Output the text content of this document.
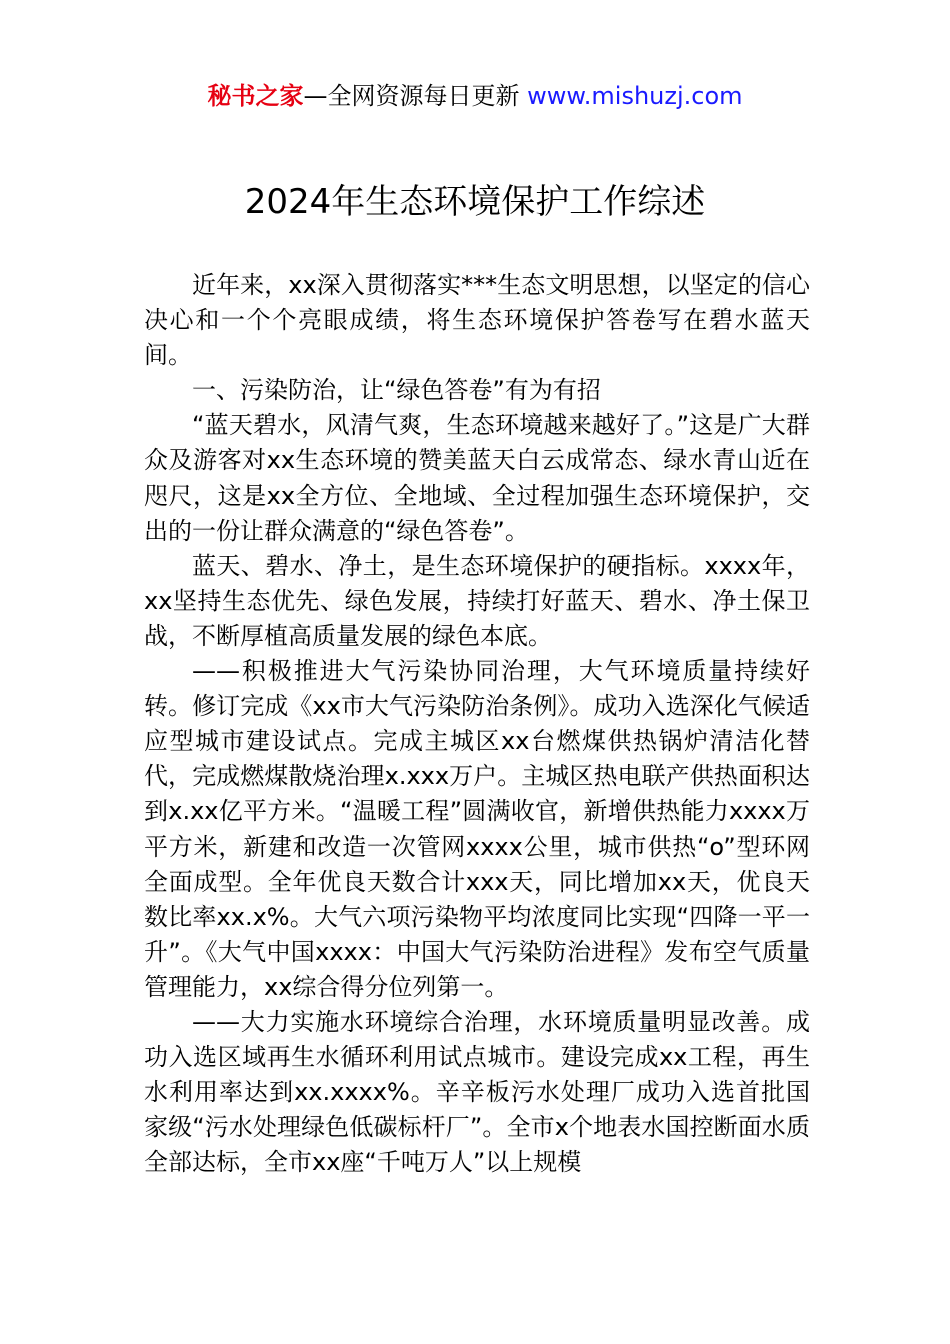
秘书之家—全网资源每日更新 www.mishuzj.com
2024年生态环境保护工作综述

近年来，xx深入贯彻落实***生态文明思想，以坚定的信心决心和一个个亮眼成绩，将生态环境保护答卷写在碧水蓝天间。

一、污染防治，让“绿色答卷”有为有招

“蓝天碧水，风清气爽，生态环境越来越好了。”这是广大群众及游客对xx生态环境的赞美蓝天白云成常态、绿水青山近在咫尺，这是xx全方位、全地域、全过程加强生态环境保护，交出的一份让群众满意的“绿色答卷”。

蓝天、碧水、净土，是生态环境保护的硬指标。xxxx年，xx坚持生态优先、绿色发展，持续打好蓝天、碧水、净土保卫战，不断厚植高质量发展的绿色本底。

——积极推进大气污染协同治理，大气环境质量持续好转。修订完成《xx市大气污染防治条例》。成功入选深化气候适应型城市建设试点。完成主城区xx台燃煤供热锅炉清洁化替代，完成燃煤散烧治理x.xxx万户。主城区热电联产供热面积达到x.xx亿平方米。“温暖工程”圆满收官，新增供热能力xxxx万平方米，新建和改造一次管网xxxx公里，城市供热“o”型环网全面成型。全年优良天数合计xxx天，同比增加xx天，优良天数比率xx.x%。大气六项污染物平均浓度同比实现“四降一平一升”。《大气中国xxxx：中国大气污染防治进程》发布空气质量管理能力，xx综合得分位列第一。

——大力实施水环境综合治理，水环境质量明显改善。成功入选区域再生水循环利用试点城市。建设完成xx工程，再生水利用率达到xx.xxxx%。辛辛板污水处理厂成功入选首批国家级“污水处理绿色低碳标杆厂”。全市x个地表水国控断面水质全部达标，全市xx座“千吨万人”以上规模
